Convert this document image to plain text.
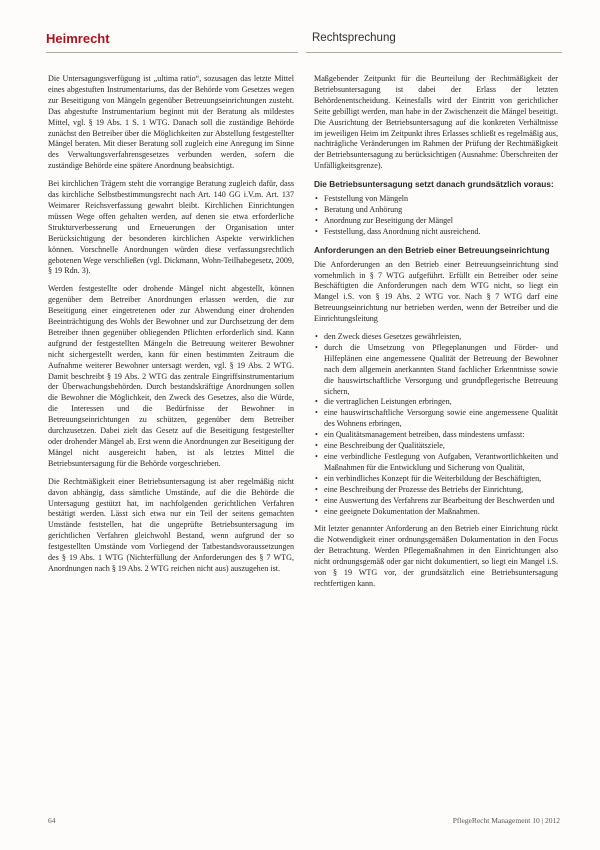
Heimrecht	Rechtsprechung

Die Untersagungsverfügung ist „ultima ratio“, sozusagen das letzte Mittel eines abgestuften Instrumentariums, das der Behörde vom Gesetzes wegen zur Beseitigung von Mängeln gegenüber Betreuungseinrichtungen zusteht. Das abgestufte Instrumentarium beginnt mit der Beratung als mildestes Mittel, vgl. § 19 Abs. 1 S. 1 WTG. Danach soll die zuständige Behörde zunächst den Betreiber über die Möglichkeiten zur Abstellung festgestellter Mängel beraten. Mit dieser Beratung soll zugleich eine Anregung im Sinne des Verwaltungsverfahrensgesetzes verbunden werden, sofern die zuständige Behörde eine spätere Anordnung beabsichtigt.

Bei kirchlichen Trägern steht die vorrangige Beratung zugleich dafür, dass das kirchliche Selbstbestimmungsrecht nach Art. 140 GG i.V.m. Art. 137 Weimarer Reichsverfassung gewahrt bleibt. Kirchlichen Einrichtungen müssen Wege offen gehalten werden, auf denen sie etwa erforderliche Strukturverbesserung und Erneuerungen der Organisation unter Berücksichtigung der besonderen kirchlichen Aspekte verwirklichen können. Vorschnelle Anordnungen würden diese verfassungsrechtlich gebotenen Wege verschließen (vgl. Dickmann, Wohn-Teilhabegesetz, 2009, § 19 Rdn. 3).

Werden festgestellte oder drohende Mängel nicht abgestellt, können gegenüber dem Betreiber Anordnungen erlassen werden, die zur Beseitigung einer eingetretenen oder zur Abwendung einer drohenden Beeinträchtigung des Wohls der Bewohner und zur Durchsetzung der dem Betreiber ihnen gegenüber obliegenden Pflichten erforderlich sind. Kann aufgrund der festgestellten Mängeln die Betreuung weiterer Bewohner nicht sichergestellt werden, kann für einen bestimmten Zeitraum die Aufnahme weiterer Bewohner untersagt werden, vgl. § 19 Abs. 2 WTG. Damit beschreibt § 19 Abs. 2 WTG das zentrale Eingriffsinstrumentarium der Überwachungsbehörden. Durch bestandskräftige Anordnungen sollen die Bewohner die Möglichkeit, den Zweck des Gesetzes, also die Würde, die Interessen und die Bedürfnisse der Bewohner in Betreuungseinrichtungen zu schützen, gegenüber dem Betreiber durchzusetzen. Dabei zielt das Gesetz auf die Beseitigung festgestellter oder drohender Mängel ab. Erst wenn die Anordnungen zur Beseitigung der Mängel nicht ausgereicht haben, ist als letztes Mittel die Betriebsuntersagung für die Behörde vorgeschrieben.

Die Rechtmäßigkeit einer Betriebsuntersagung ist aber regelmäßig nicht davon abhängig, dass sämtliche Umstände, auf die die Behörde die Untersagung gestützt hat, im nachfolgenden gerichtlichen Verfahren bestätigt werden. Lässt sich etwa nur ein Teil der seitens gemachten Umstände feststellen, hat die ungeprüfte Betriebsuntersagung im gerichtlichen Verfahren gleichwohl Bestand, wenn aufgrund der so festgestellten Umstände vom Vorliegend der Tatbestandsvoraussetzungen des § 19 Abs. 1 WTG (Nichterfüllung der Anforderungen des § 7 WTG, Anordnungen nach § 19 Abs. 2 WTG reichen nicht aus) auszugehen ist.

Maßgebender Zeitpunkt für die Beurteilung der Rechtmäßigkeit der Betriebsuntersagung ist dabei der Erlass der letzten Behördenentscheidung. Keinesfalls wird der Eintritt von gerichtlicher Seite gebilligt werden, man habe in der Zwischenzeit die Mängel beseitigt. Die Ausrichtung der Betriebsuntersagung auf die konkreten Verhältnisse im jeweiligen Heim im Zeitpunkt ihres Erlasses schließt es regelmäßig aus, nachträgliche Veränderungen im Rahmen der Prüfung der Rechtmäßigkeit der Betriebsuntersagung zu berücksichtigen (Ausnahme: Überschreiten der Unfälligkeitsgrenze).

Die Betriebsuntersagung setzt danach grundsätzlich voraus:
• Feststellung von Mängeln
• Beratung und Anhörung
• Anordnung zur Beseitigung der Mängel
• Feststellung, dass Anordnung nicht ausreichend.
Anforderungen an den Betrieb einer Betreuungseinrichtung

Die Anforderungen an den Betrieb einer Betreuungseinrichtung sind vornehmlich in § 7 WTG aufgeführt. Erfüllt ein Betreiber oder seine Beschäftigten die Anforderungen nach dem WTG nicht, so liegt ein Mangel i.S. von § 19 Abs. 2 WTG vor. Nach § 7 WTG darf eine Betreuungseinrichtung nur betrieben werden, wenn der Betreiber und die Einrichtungsleitung

• den Zweck dieses Gesetzes gewährleisten,
• durch die Umsetzung von Pflegeplanungen und Förder- und Hilfeplänen eine angemessene Qualität der Betreuung der Bewohner nach dem allgemein anerkannten Stand fachlicher Erkenntnisse sowie die hauswirtschaftliche Versorgung und grundpflegerische Betreuung sichern,
• die vertraglichen Leistungen erbringen,
• eine hauswirtschaftliche Versorgung sowie eine angemessene Qualität des Wohnens erbringen,
• ein Qualitätsmanagement betreiben, dass mindestens umfasst:
• eine Beschreibung der Qualitätsziele,
• eine verbindliche Festlegung von Aufgaben, Verantwortlichkeiten und Maßnahmen für die Entwicklung und Sicherung von Qualität,
• ein verbindliches Konzept für die Weiterbildung der Beschäftigten,
• eine Beschreibung der Prozesse des Betriebs der Einrichtung,
• eine Auswertung des Verfahrens zur Bearbeitung der Beschwerden und
• eine geeignete Dokumentation der Maßnahmen.

Mit letzter genannter Anforderung an den Betrieb einer Einrichtung rückt die Notwendigkeit einer ordnungsgemäßen Dokumentation in den Focus der Betrachtung. Werden Pflegemaßnahmen in den Einrichtungen also nicht ordnungsgemäß oder gar nicht dokumentiert, so liegt ein Mangel i.S. von § 19 WTG vor, der grundsätzlich eine Betriebsuntersagung rechtfertigen kann.

64	PflegeRecht Management 10 | 2012
